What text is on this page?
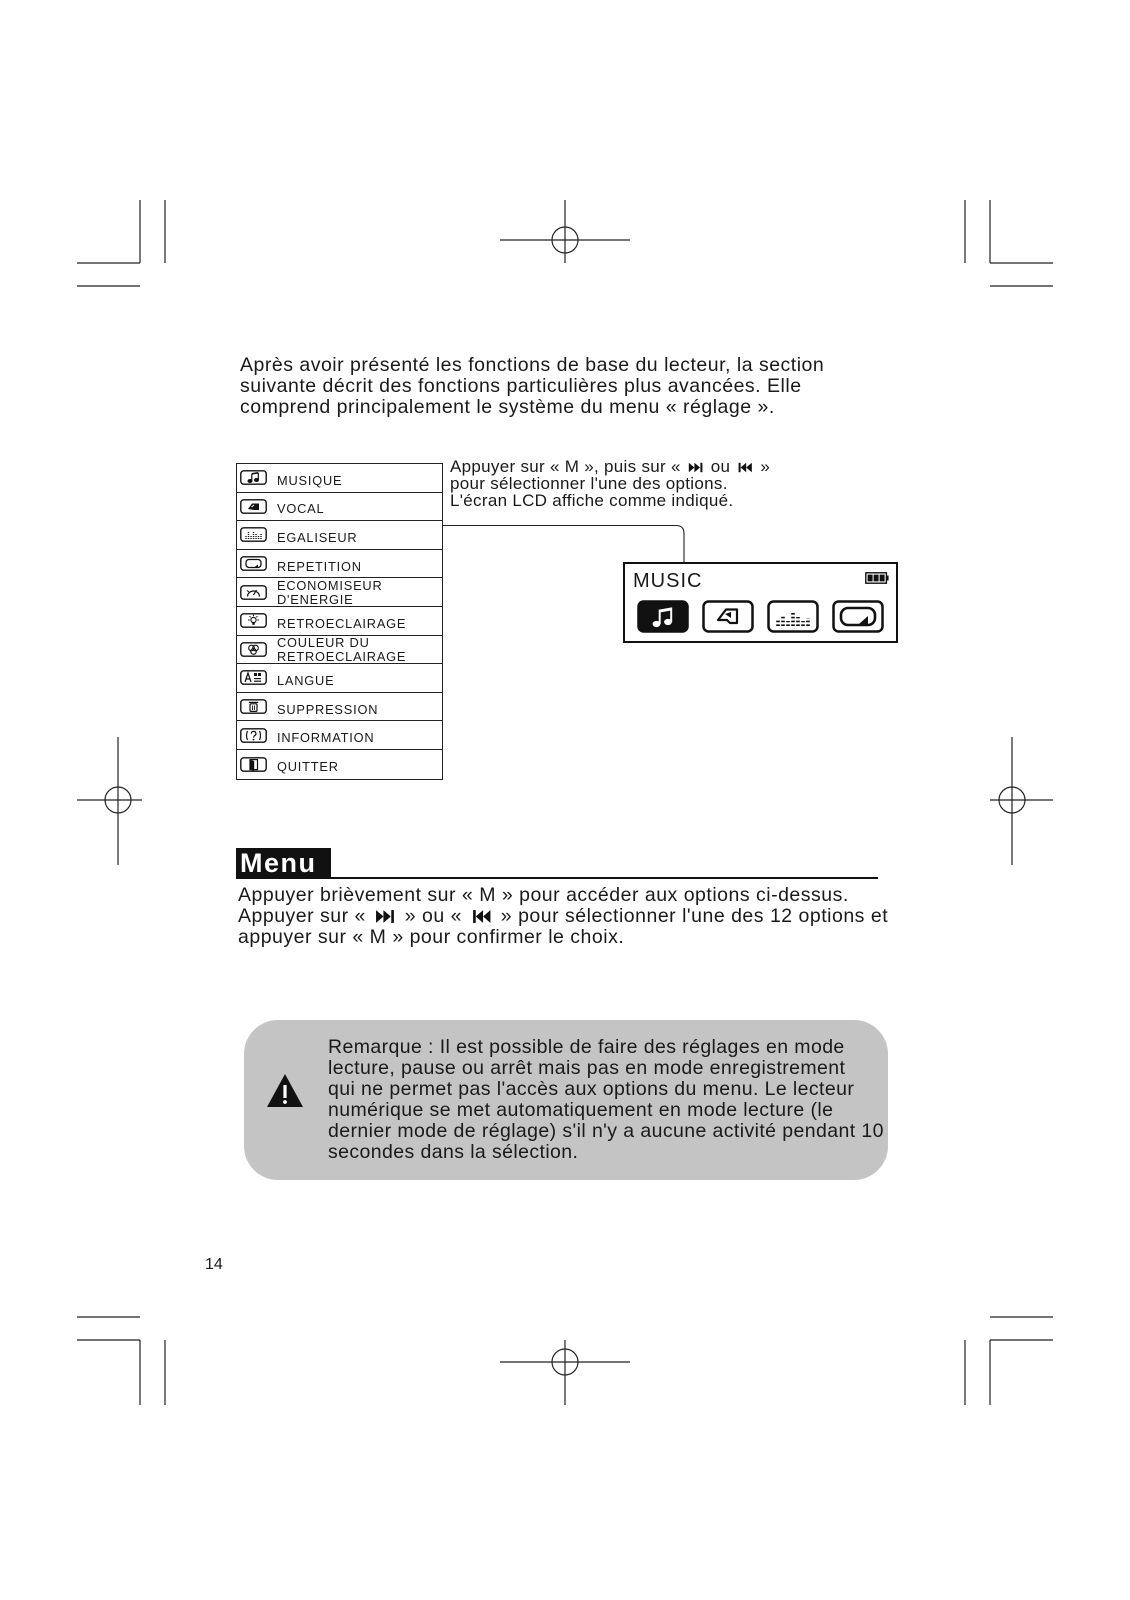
Après avoir présenté les fonctions de base du lecteur, la section
suivante décrit des fonctions particulières plus avancées. Elle
comprend principalement le système du menu « réglage ».
MUSIQUE
VOCAL
EGALISEUR
REPETITION
ECONOMISEUR
D'ENERGIE
RETROECLAIRAGE
COULEUR DU
RETROECLAIRAGE
LANGUE
SUPPRESSION
INFORMATION
QUITTER
Appuyer sur « M », puis sur «
ou
»
pour sélectionner l'une des options.
L'écran LCD affiche comme indiqué.
MUSIC
Menu
Appuyer brièvement sur « M » pour accéder aux options ci-dessus.
Appuyer sur «
» ou «
» pour sélectionner l'une des 12 options et
appuyer sur « M » pour confirmer le choix.
Remarque : Il est possible de faire des réglages en mode
lecture, pause ou arrêt mais pas en mode enregistrement
qui ne permet pas l'accès aux options du menu. Le lecteur
numérique se met automatiquement en mode lecture (le
dernier mode de réglage) s'il n'y a aucune activité pendant 10
secondes dans la sélection.
14
